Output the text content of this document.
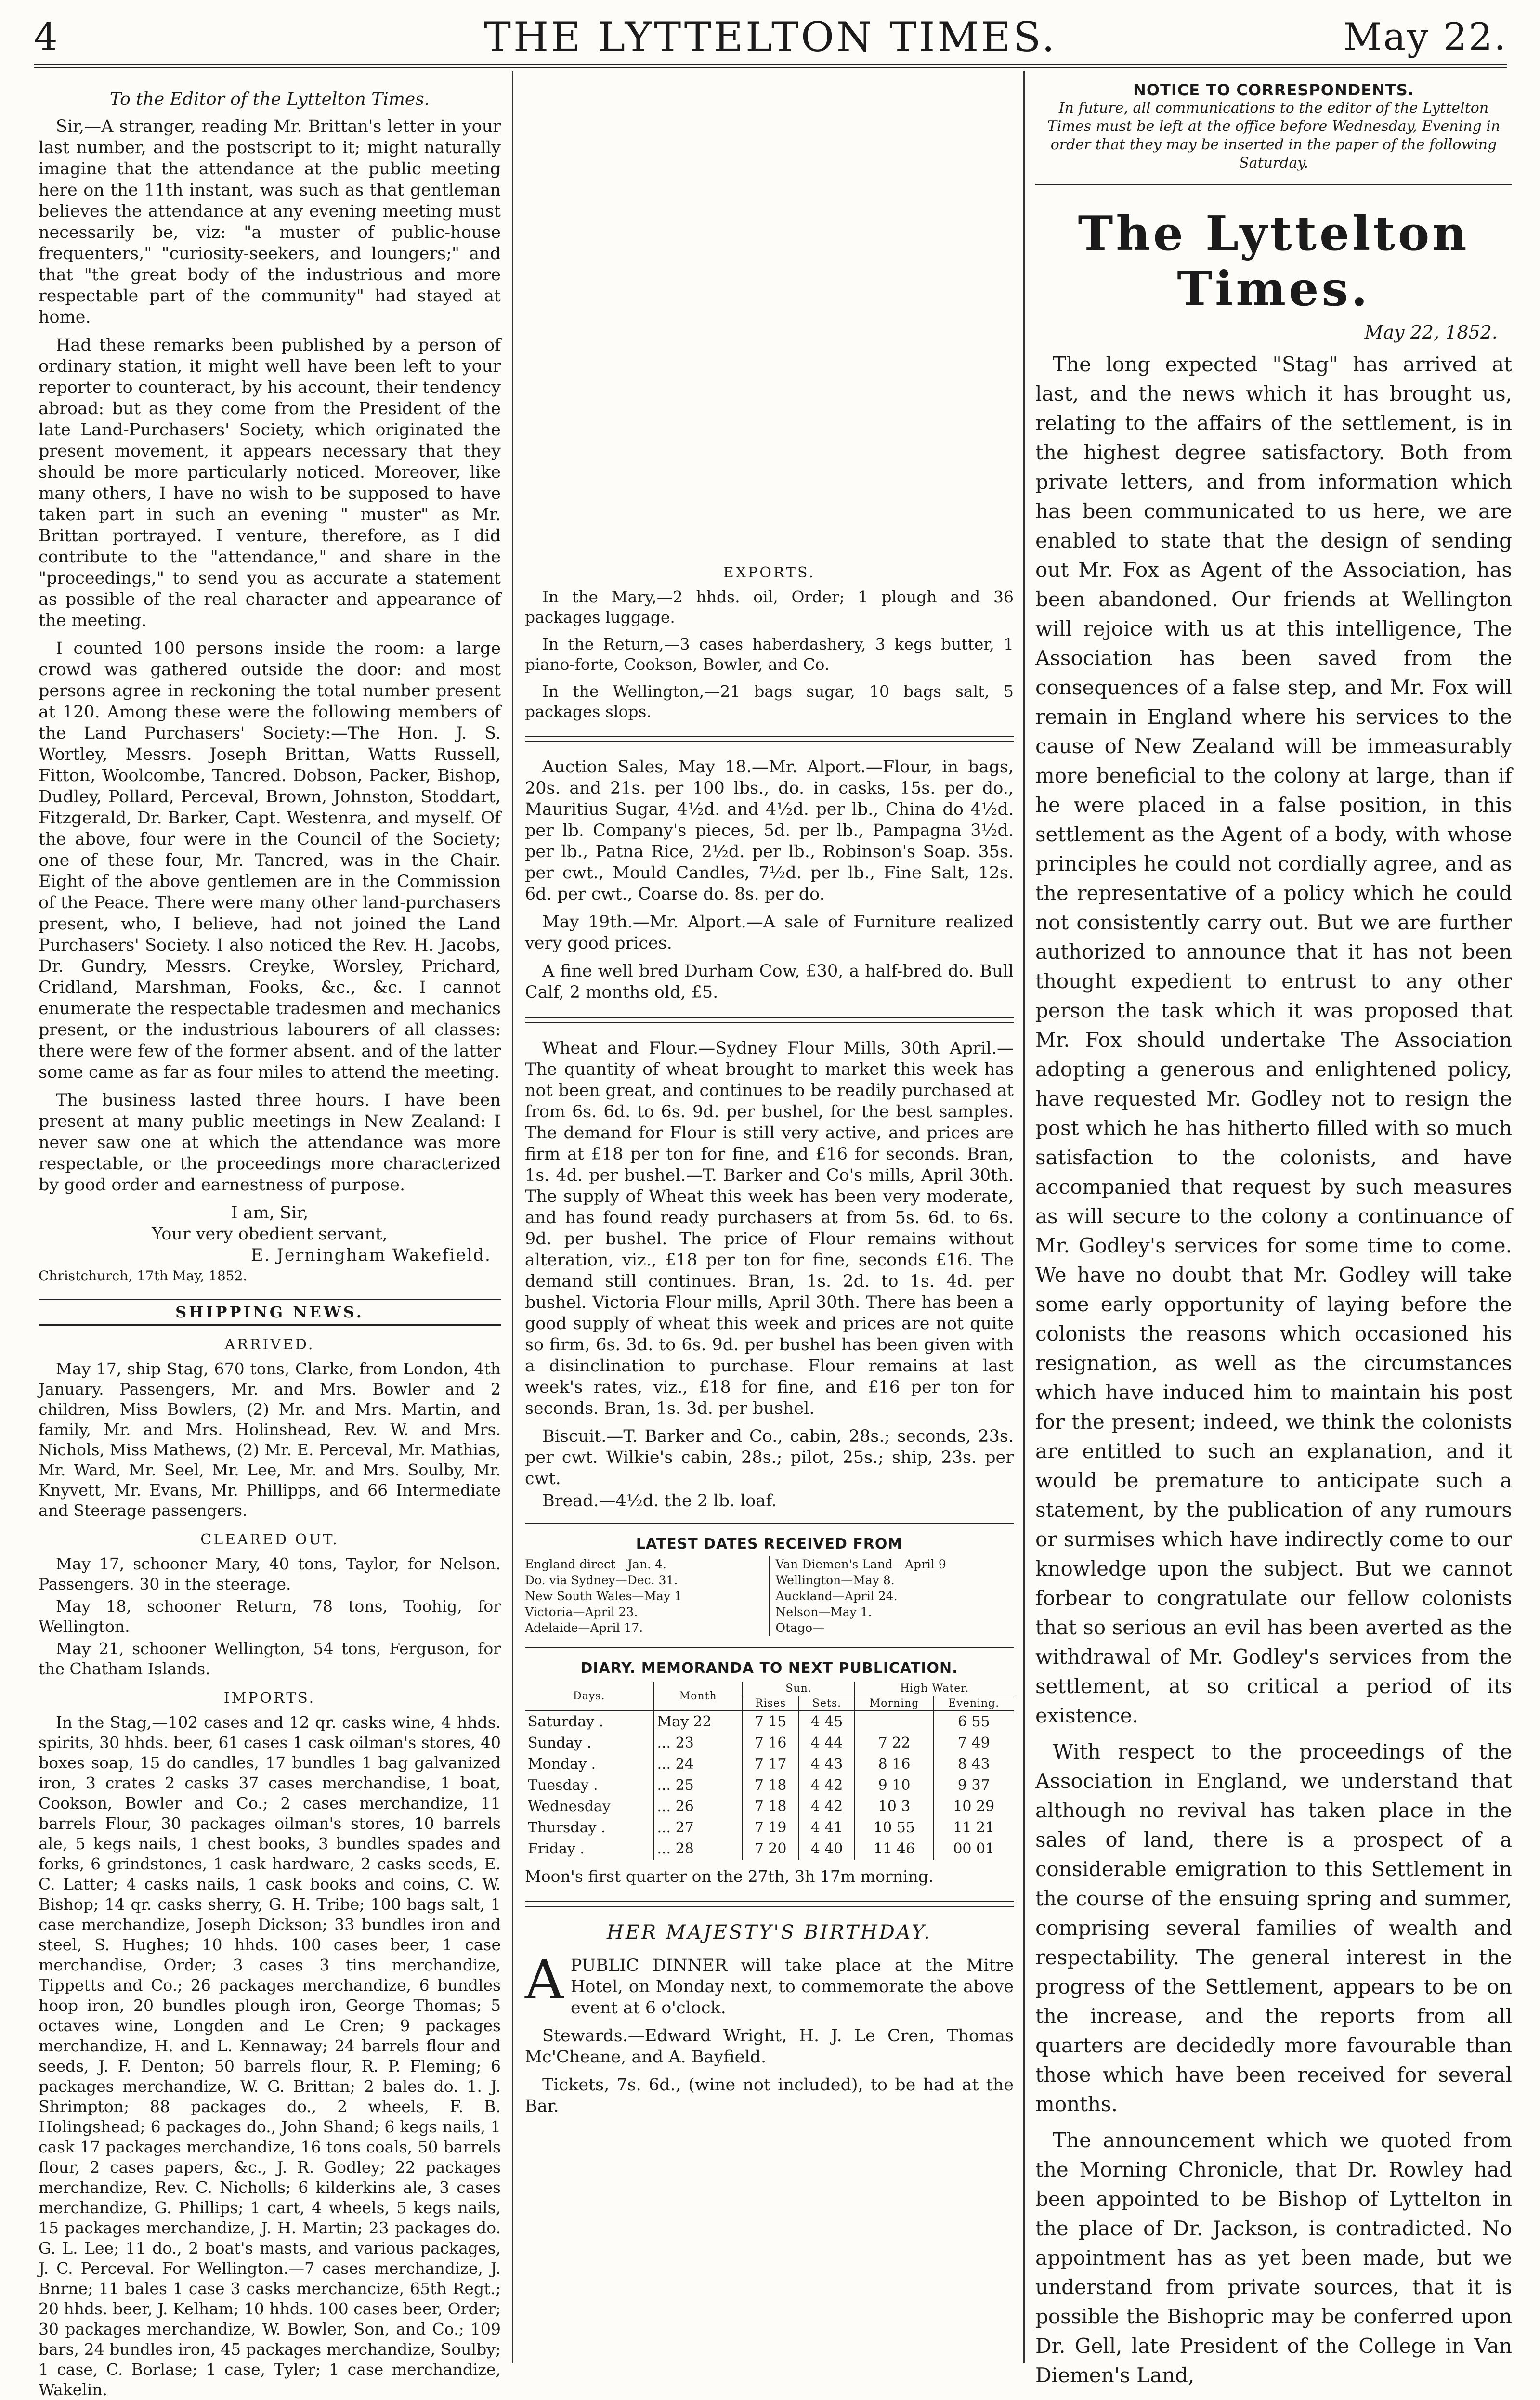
4	THE LYTTELTON TIMES.	May 22.
To the Editor of the Lyttelton Times.

Sir,—A stranger, reading Mr. Brittan's letter in your last number, and the postscript to it; might naturally imagine that the attendance at the public meeting here on the 11th instant, was such as that gentleman believes the attendance at any evening meeting must necessarily be, viz: "a muster of public-house frequenters," "curiosity-seekers, and loungers;" and that "the great body of the industrious and more respectable part of the community" had stayed at home.

Had these remarks been published by a person of ordinary station, it might well have been left to your reporter to counteract, by his account, their tendency abroad: but as they come from the President of the late Land-Purchasers' Society, which originated the present movement, it appears necessary that they should be more particularly noticed. Moreover, like many others, I have no wish to be supposed to have taken part in such an evening " muster" as Mr. Brittan portrayed. I venture, therefore, as I did contribute to the "attendance," and share in the "proceedings," to send you as accurate a statement as possible of the real character and appearance of the meeting.

I counted 100 persons inside the room: a large crowd was gathered outside the door: and most persons agree in reckoning the total number present at 120. Among these were the following members of the Land Purchasers' Society:—The Hon. J. S. Wortley, Messrs. Joseph Brittan, Watts Russell, Fitton, Woolcombe, Tancred. Dobson, Packer, Bishop, Dudley, Pollard, Perceval, Brown, Johnston, Stoddart, Fitzgerald, Dr. Barker, Capt. Westenra, and myself. Of the above, four were in the Council of the Society; one of these four, Mr. Tancred, was in the Chair. Eight of the above gentlemen are in the Commission of the Peace. There were many other land-purchasers present, who, I believe, had not joined the Land Purchasers' Society. I also noticed the Rev. H. Jacobs, Dr. Gundry, Messrs. Creyke, Worsley, Prichard, Cridland, Marshman, Fooks, &c., &c. I cannot enumerate the respectable tradesmen and mechanics present, or the industrious labourers of all classes: there were few of the former absent. and of the latter some came as far as four miles to attend the meeting.

The business lasted three hours. I have been present at many public meetings in New Zealand: I never saw one at which the attendance was more respectable, or the proceedings more characterized by good order and earnestness of purpose.

I am, Sir,

Your very obedient servant,

E. Jerningham Wakefield.

Christchurch, 17th May, 1852.

SHIPPING NEWS.
ARRIVED.

May 17, ship Stag, 670 tons, Clarke, from London, 4th January. Passengers, Mr. and Mrs. Bowler and 2 children, Miss Bowlers, (2) Mr. and Mrs. Martin, and family, Mr. and Mrs. Holinshead, Rev. W. and Mrs. Nichols, Miss Mathews, (2) Mr. E. Perceval, Mr. Mathias, Mr. Ward, Mr. Seel, Mr. Lee, Mr. and Mrs. Soulby, Mr. Knyvett, Mr. Evans, Mr. Phillipps, and 66 Intermediate and Steerage passengers.

CLEARED OUT.

May 17, schooner Mary, 40 tons, Taylor, for Nelson. Passengers. 30 in the steerage.

May 18, schooner Return, 78 tons, Toohig, for Wellington.

May 21, schooner Wellington, 54 tons, Ferguson, for the Chatham Islands.

IMPORTS.

In the Stag,—102 cases and 12 qr. casks wine, 4 hhds. spirits, 30 hhds. beer, 61 cases 1 cask oilman's stores, 40 boxes soap, 15 do candles, 17 bundles 1 bag galvanized iron, 3 crates 2 casks 37 cases merchandise, 1 boat, Cookson, Bowler and Co.; 2 cases merchandize, 11 barrels Flour, 30 packages oilman's stores, 10 barrels ale, 5 kegs nails, 1 chest books, 3 bundles spades and forks, 6 grindstones, 1 cask hardware, 2 casks seeds, E. C. Latter; 4 casks nails, 1 cask books and coins, C. W. Bishop; 14 qr. casks sherry, G. H. Tribe; 100 bags salt, 1 case merchandize, Joseph Dickson; 33 bundles iron and steel, S. Hughes; 10 hhds. 100 cases beer, 1 case merchandise, Order; 3 cases 3 tins merchandize, Tippetts and Co.; 26 packages merchandize, 6 bundles hoop iron, 20 bundles plough iron, George Thomas; 5 octaves wine, Longden and Le Cren; 9 packages merchandize, H. and L. Kennaway; 24 barrels flour and seeds, J. F. Denton; 50 barrels flour, R. P. Fleming; 6 packages merchandize, W. G. Brittan; 2 bales do. 1. J. Shrimpton; 88 packages do., 2 wheels, F. B. Holingshead; 6 packages do., John Shand; 6 kegs nails, 1 cask 17 packages merchandize, 16 tons coals, 50 barrels flour, 2 cases papers, &c., J. R. Godley; 22 packages merchandize, Rev. C. Nicholls; 6 kilderkins ale, 3 cases merchandize, G. Phillips; 1 cart, 4 wheels, 5 kegs nails, 15 packages merchandize, J. H. Martin; 23 packages do. G. L. Lee; 11 do., 2 boat's masts, and various packages, J. C. Perceval. For Wellington.—7 cases merchandize, J. Bnrne; 11 bales 1 case 3 casks merchancize, 65th Regt.; 20 hhds. beer, J. Kelham; 10 hhds. 100 cases beer, Order; 30 packages merchandize, W. Bowler, Son, and Co.; 109 bars, 24 bundles iron, 45 packages merchandize, Soulby; 1 case, C. Borlase; 1 case, Tyler; 1 case merchandize, Wakelin.

EXPORTS.

In the Mary,—2 hhds. oil, Order; 1 plough and 36 packages luggage.

In the Return,—3 cases haberdashery, 3 kegs butter, 1 piano-forte, Cookson, Bowler, and Co.

In the Wellington,—21 bags sugar, 10 bags salt, 5 packages slops.

Auction Sales, May 18.—Mr. Alport.—Flour, in bags, 20s. and 21s. per 100 lbs., do. in casks, 15s. per do., Mauritius Sugar, 4½d. and 4½d. per lb., China do 4½d. per lb. Company's pieces, 5d. per lb., Pampagna 3½d. per lb., Patna Rice, 2½d. per lb., Robinson's Soap. 35s. per cwt., Mould Candles, 7½d. per lb., Fine Salt, 12s. 6d. per cwt., Coarse do. 8s. per do.

May 19th.—Mr. Alport.—A sale of Furniture realized very good prices.

A fine well bred Durham Cow, £30, a half-bred do. Bull Calf, 2 months old, £5.

Wheat and Flour.—Sydney Flour Mills, 30th April.—The quantity of wheat brought to market this week has not been great, and continues to be readily purchased at from 6s. 6d. to 6s. 9d. per bushel, for the best samples. The demand for Flour is still very active, and prices are firm at £18 per ton for fine, and £16 for seconds. Bran, 1s. 4d. per bushel.—T. Barker and Co's mills, April 30th. The supply of Wheat this week has been very moderate, and has found ready purchasers at from 5s. 6d. to 6s. 9d. per bushel. The price of Flour remains without alteration, viz., £18 per ton for fine, seconds £16. The demand still continues. Bran, 1s. 2d. to 1s. 4d. per bushel. Victoria Flour mills, April 30th. There has been a good supply of wheat this week and prices are not quite so firm, 6s. 3d. to 6s. 9d. per bushel has been given with a disinclination to purchase. Flour remains at last week's rates, viz., £18 for fine, and £16 per ton for seconds. Bran, 1s. 3d. per bushel.

Biscuit.—T. Barker and Co., cabin, 28s.; seconds, 23s. per cwt. Wilkie's cabin, 28s.; pilot, 25s.; ship, 23s. per cwt.

Bread.—4½d. the 2 lb. loaf.

LATEST DATES RECEIVED FROM
England direct—Jan. 4.
Do. via Sydney—Dec. 31.
New South Wales—May 1
Victoria—April 23.
Adelaide—April 17.
Van Diemen's Land—April 9
Wellington—May 8.
Auckland—April 24.
Nelson—May 1.
Otago—
DIARY. MEMORANDA TO NEXT PUBLICATION.
Days.	Month	Sun.		High Water.	
		Rises	Sets.	Morning	Evening.
Saturday .	May 22	7 15	4 45		6 55
Sunday .	... 23	7 16	4 44	7 22	7 49
Monday .	... 24	7 17	4 43	8 16	8 43
Tuesday .	... 25	7 18	4 42	9 10	9 37
Wednesday	... 26	7 18	4 42	10 3	10 29
Thursday .	... 27	7 19	4 41	10 55	11 21
Friday .	... 28	7 20	4 40	11 46	00 01

Moon's first quarter on the 27th, 3h 17m morning.

HER MAJESTY'S BIRTHDAY.

APUBLIC DINNER will take place at the Mitre Hotel, on Monday next, to commemorate the above event at 6 o'clock.

Stewards.—Edward Wright, H. J. Le Cren, Thomas Mc'Cheane, and A. Bayfield.

Tickets, 7s. 6d., (wine not included), to be had at the Bar.

NOTICE TO CORRESPONDENTS.

In future, all communications to the editor of the Lyttelton Times must be left at the office before Wednesday, Evening in order that they may be inserted in the paper of the following Saturday.

The Lyttelton Times.

May 22, 1852.

The long expected "Stag" has arrived at last, and the news which it has brought us, relating to the affairs of the settlement, is in the highest degree satisfactory. Both from private letters, and from information which has been communicated to us here, we are enabled to state that the design of sending out Mr. Fox as Agent of the Association, has been abandoned. Our friends at Wellington will rejoice with us at this intelligence, The Association has been saved from the consequences of a false step, and Mr. Fox will remain in England where his services to the cause of New Zealand will be immeasurably more beneficial to the colony at large, than if he were placed in a false position, in this settlement as the Agent of a body, with whose principles he could not cordially agree, and as the representative of a policy which he could not consistently carry out. But we are further authorized to announce that it has not been thought expedient to entrust to any other person the task which it was proposed that Mr. Fox should undertake The Association adopting a generous and enlightened policy, have requested Mr. Godley not to resign the post which he has hitherto filled with so much satisfaction to the colonists, and have accompanied that request by such measures as will secure to the colony a continuance of Mr. Godley's services for some time to come. We have no doubt that Mr. Godley will take some early opportunity of laying before the colonists the reasons which occasioned his resignation, as well as the circumstances which have induced him to maintain his post for the present; indeed, we think the colonists are entitled to such an explanation, and it would be premature to anticipate such a statement, by the publication of any rumours or surmises which have indirectly come to our knowledge upon the subject. But we cannot forbear to congratulate our fellow colonists that so serious an evil has been averted as the withdrawal of Mr. Godley's services from the settlement, at so critical a period of its existence.

With respect to the proceedings of the Association in England, we understand that although no revival has taken place in the sales of land, there is a prospect of a considerable emigration to this Settlement in the course of the ensuing spring and summer, comprising several families of wealth and respectability. The general interest in the progress of the Settlement, appears to be on the increase, and the reports from all quarters are decidedly more favourable than those which have been received for several months.

The announcement which we quoted from the Morning Chronicle, that Dr. Rowley had been appointed to be Bishop of Lyttelton in the place of Dr. Jackson, is contradicted. No appointment has as yet been made, but we understand from private sources, that it is possible the Bishopric may be conferred upon Dr. Gell, late President of the College in Van Diemen's Land,
